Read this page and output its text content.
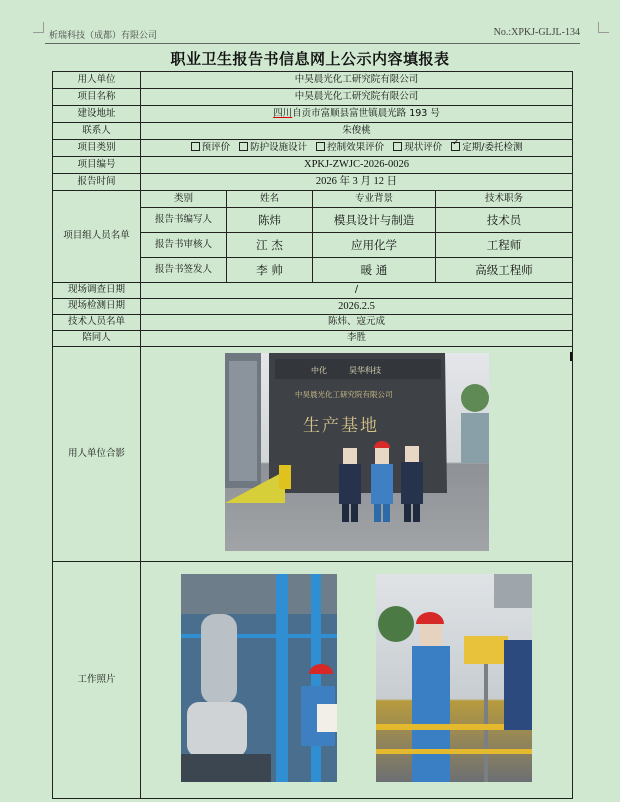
析瑞科技（成都）有限公司	No.:XPKJ-GLJL-134
职业卫生报告书信息网上公示内容填报表
用人单位	中昊晨光化工研究院有限公司			
项目名称	中昊晨光化工研究院有限公司			
建设地址	四川自贡市富顺县富世镇晨光路 193 号			
联系人	朱俊桃			
项目类别	预评价 防护设施设计 控制效果评价 现状评价 ✓ 定期/委托检测
项目编号	XPKJ-ZWJC-2026-0026			
报告时间	2026 年 3 月 12 日			
项目组人员名单	类别	姓名	专业背景	技术职务
	报告书编写人	陈炜	模具设计与制造	技术员
	报告书审核人	江 杰	应用化学	工程师
	报告书签发人	李 帅	暖 通	高级工程师
现场调查日期	/			
现场检测日期	2026.2.5			
技术人员名单	陈炜、寇元成			
陪同人	李胜			
用人单位合影	中化 昊华科技
中昊晨光化工研究院有限公司
生产基地			

工作照片	
